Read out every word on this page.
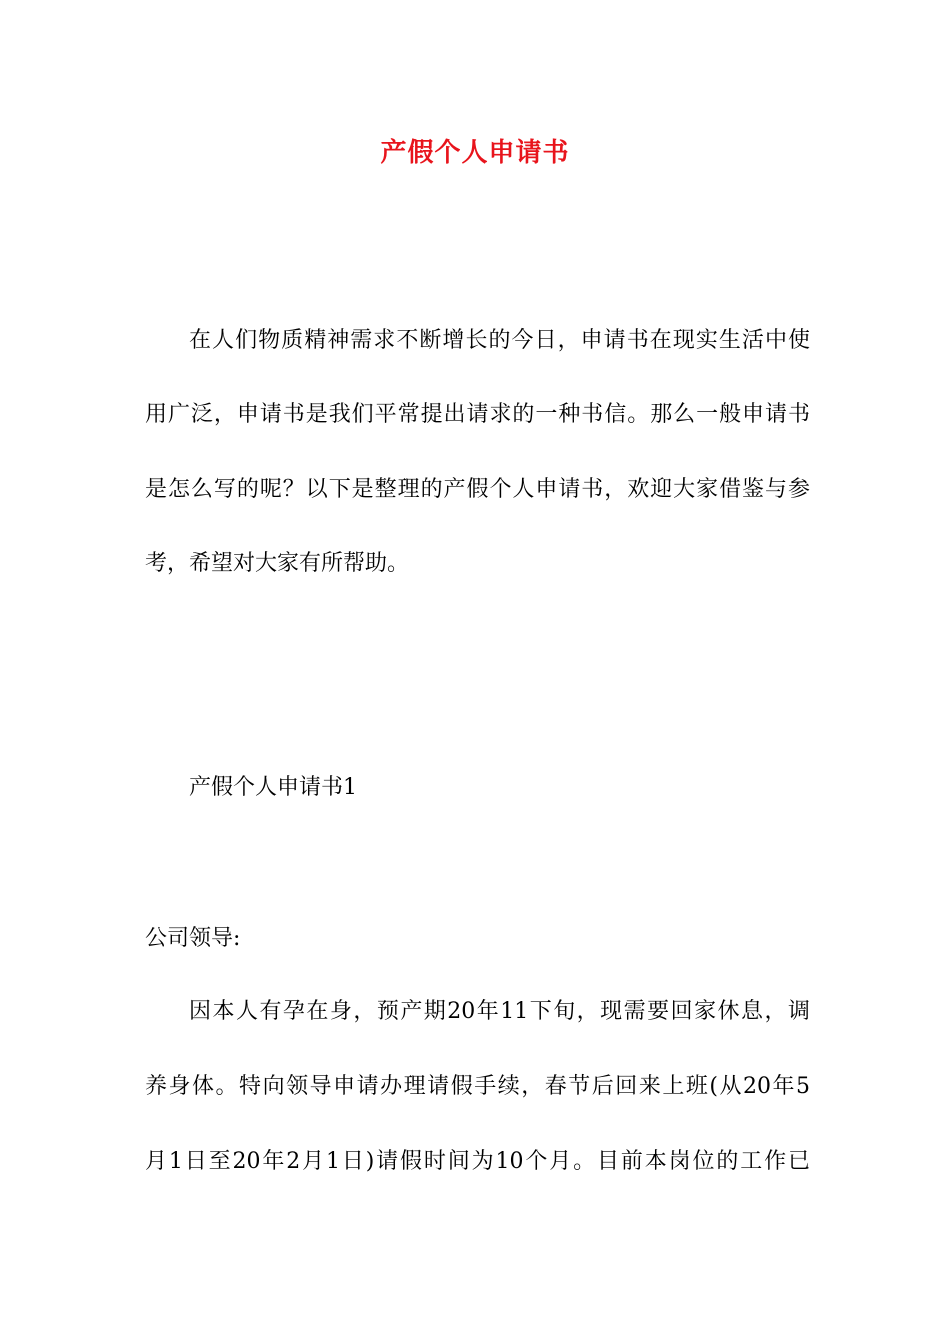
产假个人申请书
在人们物质精神需求不断增长的今日，申请书在现实生活中使
用广泛，申请书是我们平常提出请求的一种书信。那么一般申请书
是怎么写的呢？以下是整理的产假个人申请书，欢迎大家借鉴与参
考，希望对大家有所帮助。
产假个人申请书1
公司领导:
因本人有孕在身，预产期20年11下旬，现需要回家休息，调
养身体。特向领导申请办理请假手续，春节后回来上班(从20年5
月1日至20年2月1日)请假时间为10个月。目前本岗位的工作已
